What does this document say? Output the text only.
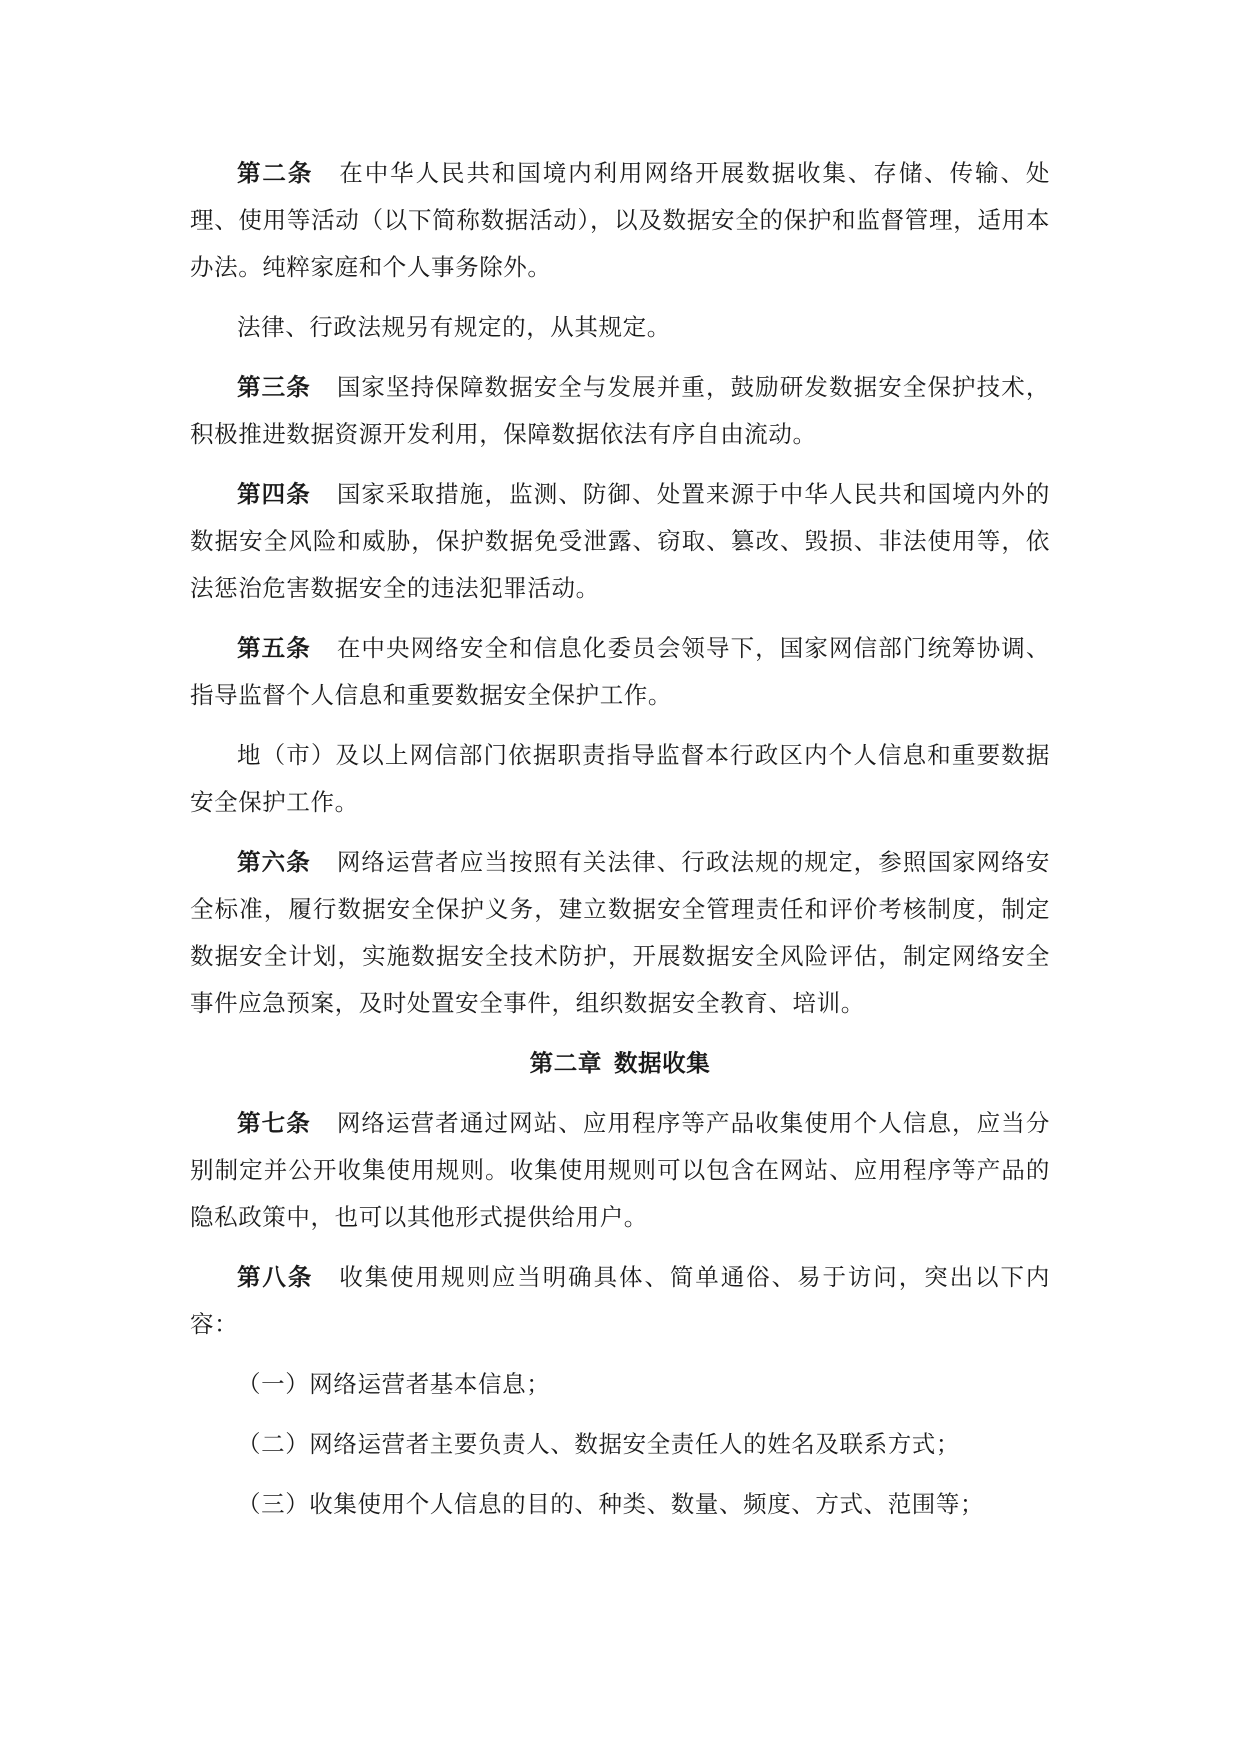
第二条 在中华人民共和国境内利用网络开展数据收集、存储、传输、处理、使用等活动（以下简称数据活动），以及数据安全的保护和监督管理，适用本办法。纯粹家庭和个人事务除外。

法律、行政法规另有规定的，从其规定。

第三条 国家坚持保障数据安全与发展并重，鼓励研发数据安全保护技术，积极推进数据资源开发利用，保障数据依法有序自由流动。

第四条 国家采取措施，监测、防御、处置来源于中华人民共和国境内外的数据安全风险和威胁，保护数据免受泄露、窃取、篡改、毁损、非法使用等，依法惩治危害数据安全的违法犯罪活动。

第五条 在中央网络安全和信息化委员会领导下，国家网信部门统筹协调、指导监督个人信息和重要数据安全保护工作。

地（市）及以上网信部门依据职责指导监督本行政区内个人信息和重要数据安全保护工作。

第六条 网络运营者应当按照有关法律、行政法规的规定，参照国家网络安全标准，履行数据安全保护义务，建立数据安全管理责任和评价考核制度，制定数据安全计划，实施数据安全技术防护，开展数据安全风险评估，制定网络安全事件应急预案，及时处置安全事件，组织数据安全教育、培训。

第二章 数据收集

第七条 网络运营者通过网站、应用程序等产品收集使用个人信息，应当分别制定并公开收集使用规则。收集使用规则可以包含在网站、应用程序等产品的隐私政策中，也可以其他形式提供给用户。

第八条 收集使用规则应当明确具体、简单通俗、易于访问，突出以下内容：

（一）网络运营者基本信息；

（二）网络运营者主要负责人、数据安全责任人的姓名及联系方式；

（三）收集使用个人信息的目的、种类、数量、频度、方式、范围等；
